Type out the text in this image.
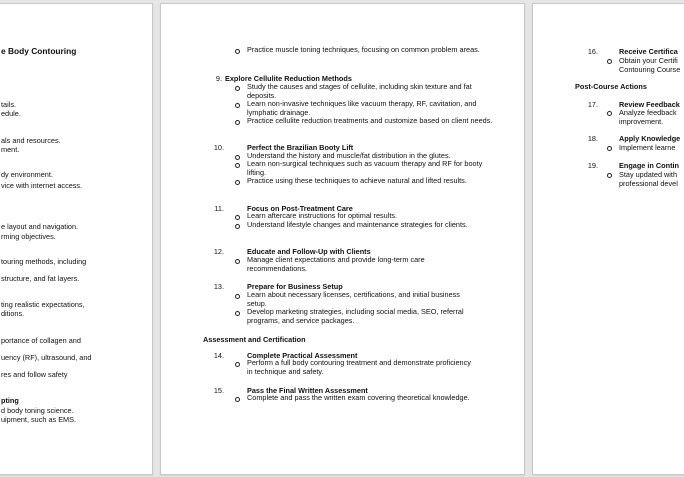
e Body Contouring
tails.
edule.
als and resources.
ment.
dy environment.
vice with internet access.
e layout and navigation.
rming objectives.
touring methods, including
structure, and fat layers.
ting realistic expectations,
ditions.
portance of collagen and
uency (RF), ultrasound, and
res and follow safety
pting
d body toning science.
uipment, such as EMS.
Practice muscle toning techniques, focusing on common problem areas.
9. Explore Cellulite Reduction Methods
Study the causes and stages of cellulite, including skin texture and fat deposits.
Learn non-invasive techniques like vacuum therapy, RF, cavitation, and lymphatic drainage.
Practice cellulite reduction treatments and customize based on client needs.
10.	Perfect the Brazilian Booty Lift
Understand the history and muscle/fat distribution in the glutes.
Learn non-surgical techniques such as vacuum therapy and RF for booty lifting.
Practice using these techniques to achieve natural and lifted results.
11.	Focus on Post-Treatment Care
Learn aftercare instructions for optimal results.
Understand lifestyle changes and maintenance strategies for clients.
12.	Educate and Follow-Up with Clients
Manage client expectations and provide long-term care recommendations.
13.	Prepare for Business Setup
Learn about necessary licenses, certifications, and initial business setup.
Develop marketing strategies, including social media, SEO, referral programs, and service packages.
Assessment and Certification
14.	Complete Practical Assessment
Perform a full body contouring treatment and demonstrate proficiency in technique and safety.
15.	Pass the Final Written Assessment
Complete and pass the written exam covering theoretical knowledge.
16.	Receive Certifica
Obtain your Certifi
Contouring Course
Post-Course Actions
17.	Review Feedback
Analyze feedback
improvement.
18.	Apply Knowledge
Implement learne
19.	Engage in Contin
Stay updated with
professional devel
